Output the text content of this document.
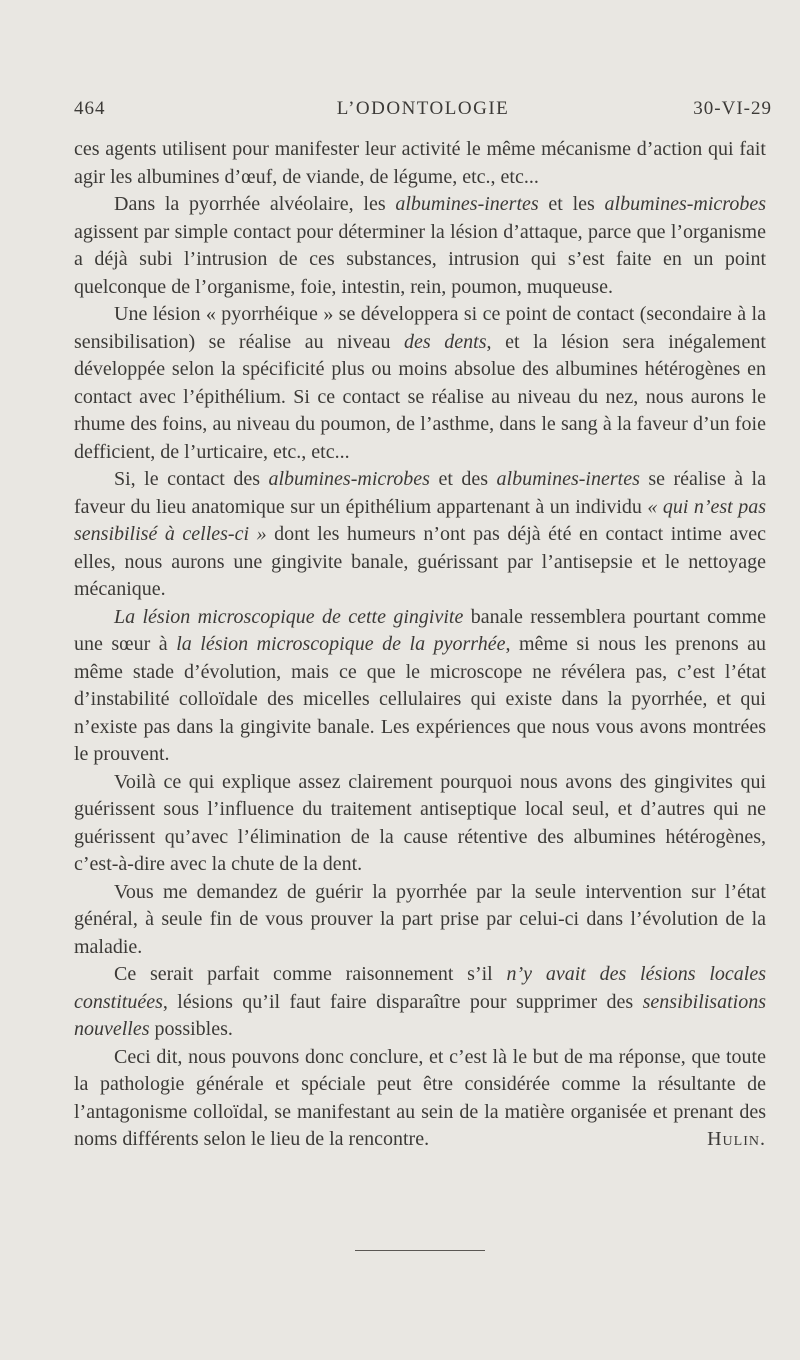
464	L’ODONTOLOGIE	30-VI-29

ces agents utilisent pour manifester leur activité le même mécanisme d’action qui fait agir les albumines d’œuf, de viande, de légume, etc., etc...

Dans la pyorrhée alvéolaire, les albumines-inertes et les albumines-microbes agissent par simple contact pour déterminer la lésion d’attaque, parce que l’organisme a déjà subi l’intrusion de ces substances, intrusion qui s’est faite en un point quelconque de l’organisme, foie, intestin, rein, poumon, muqueuse.

Une lésion « pyorrhéique » se développera si ce point de contact (secondaire à la sensibilisation) se réalise au niveau des dents, et la lésion sera inégalement développée selon la spécificité plus ou moins absolue des albumines hétérogènes en contact avec l’épithélium. Si ce contact se réalise au niveau du nez, nous aurons le rhume des foins, au niveau du poumon, de l’asthme, dans le sang à la faveur d’un foie defficient, de l’urticaire, etc., etc...

Si, le contact des albumines-microbes et des albumines-inertes se réalise à la faveur du lieu anatomique sur un épithélium appartenant à un individu « qui n’est pas sensibilisé à celles-ci » dont les humeurs n’ont pas déjà été en contact intime avec elles, nous aurons une gingivite banale, guérissant par l’antisepsie et le nettoyage mécanique.

La lésion microscopique de cette gingivite banale ressemblera pourtant comme une sœur à la lésion microscopique de la pyorrhée, même si nous les prenons au même stade d’évolution, mais ce que le microscope ne révélera pas, c’est l’état d’instabilité colloïdale des micelles cellulaires qui existe dans la pyorrhée, et qui n’existe pas dans la gingivite banale. Les expériences que nous vous avons montrées le prouvent.

Voilà ce qui explique assez clairement pourquoi nous avons des gingivites qui guérissent sous l’influence du traitement antiseptique local seul, et d’autres qui ne guérissent qu’avec l’élimination de la cause rétentive des albumines hétérogènes, c’est-à-dire avec la chute de la dent.

Vous me demandez de guérir la pyorrhée par la seule intervention sur l’état général, à seule fin de vous prouver la part prise par celui-ci dans l’évolution de la maladie.

Ce serait parfait comme raisonnement s’il n’y avait des lésions locales constituées, lésions qu’il faut faire disparaître pour supprimer des sensibilisations nouvelles possibles.

Ceci dit, nous pouvons donc conclure, et c’est là le but de ma réponse, que toute la pathologie générale et spéciale peut être considérée comme la résultante de l’antagonisme colloïdal, se manifestant au sein de la matière organisée et prenant des noms différents selon le lieu de la rencontre.	Hulin.
